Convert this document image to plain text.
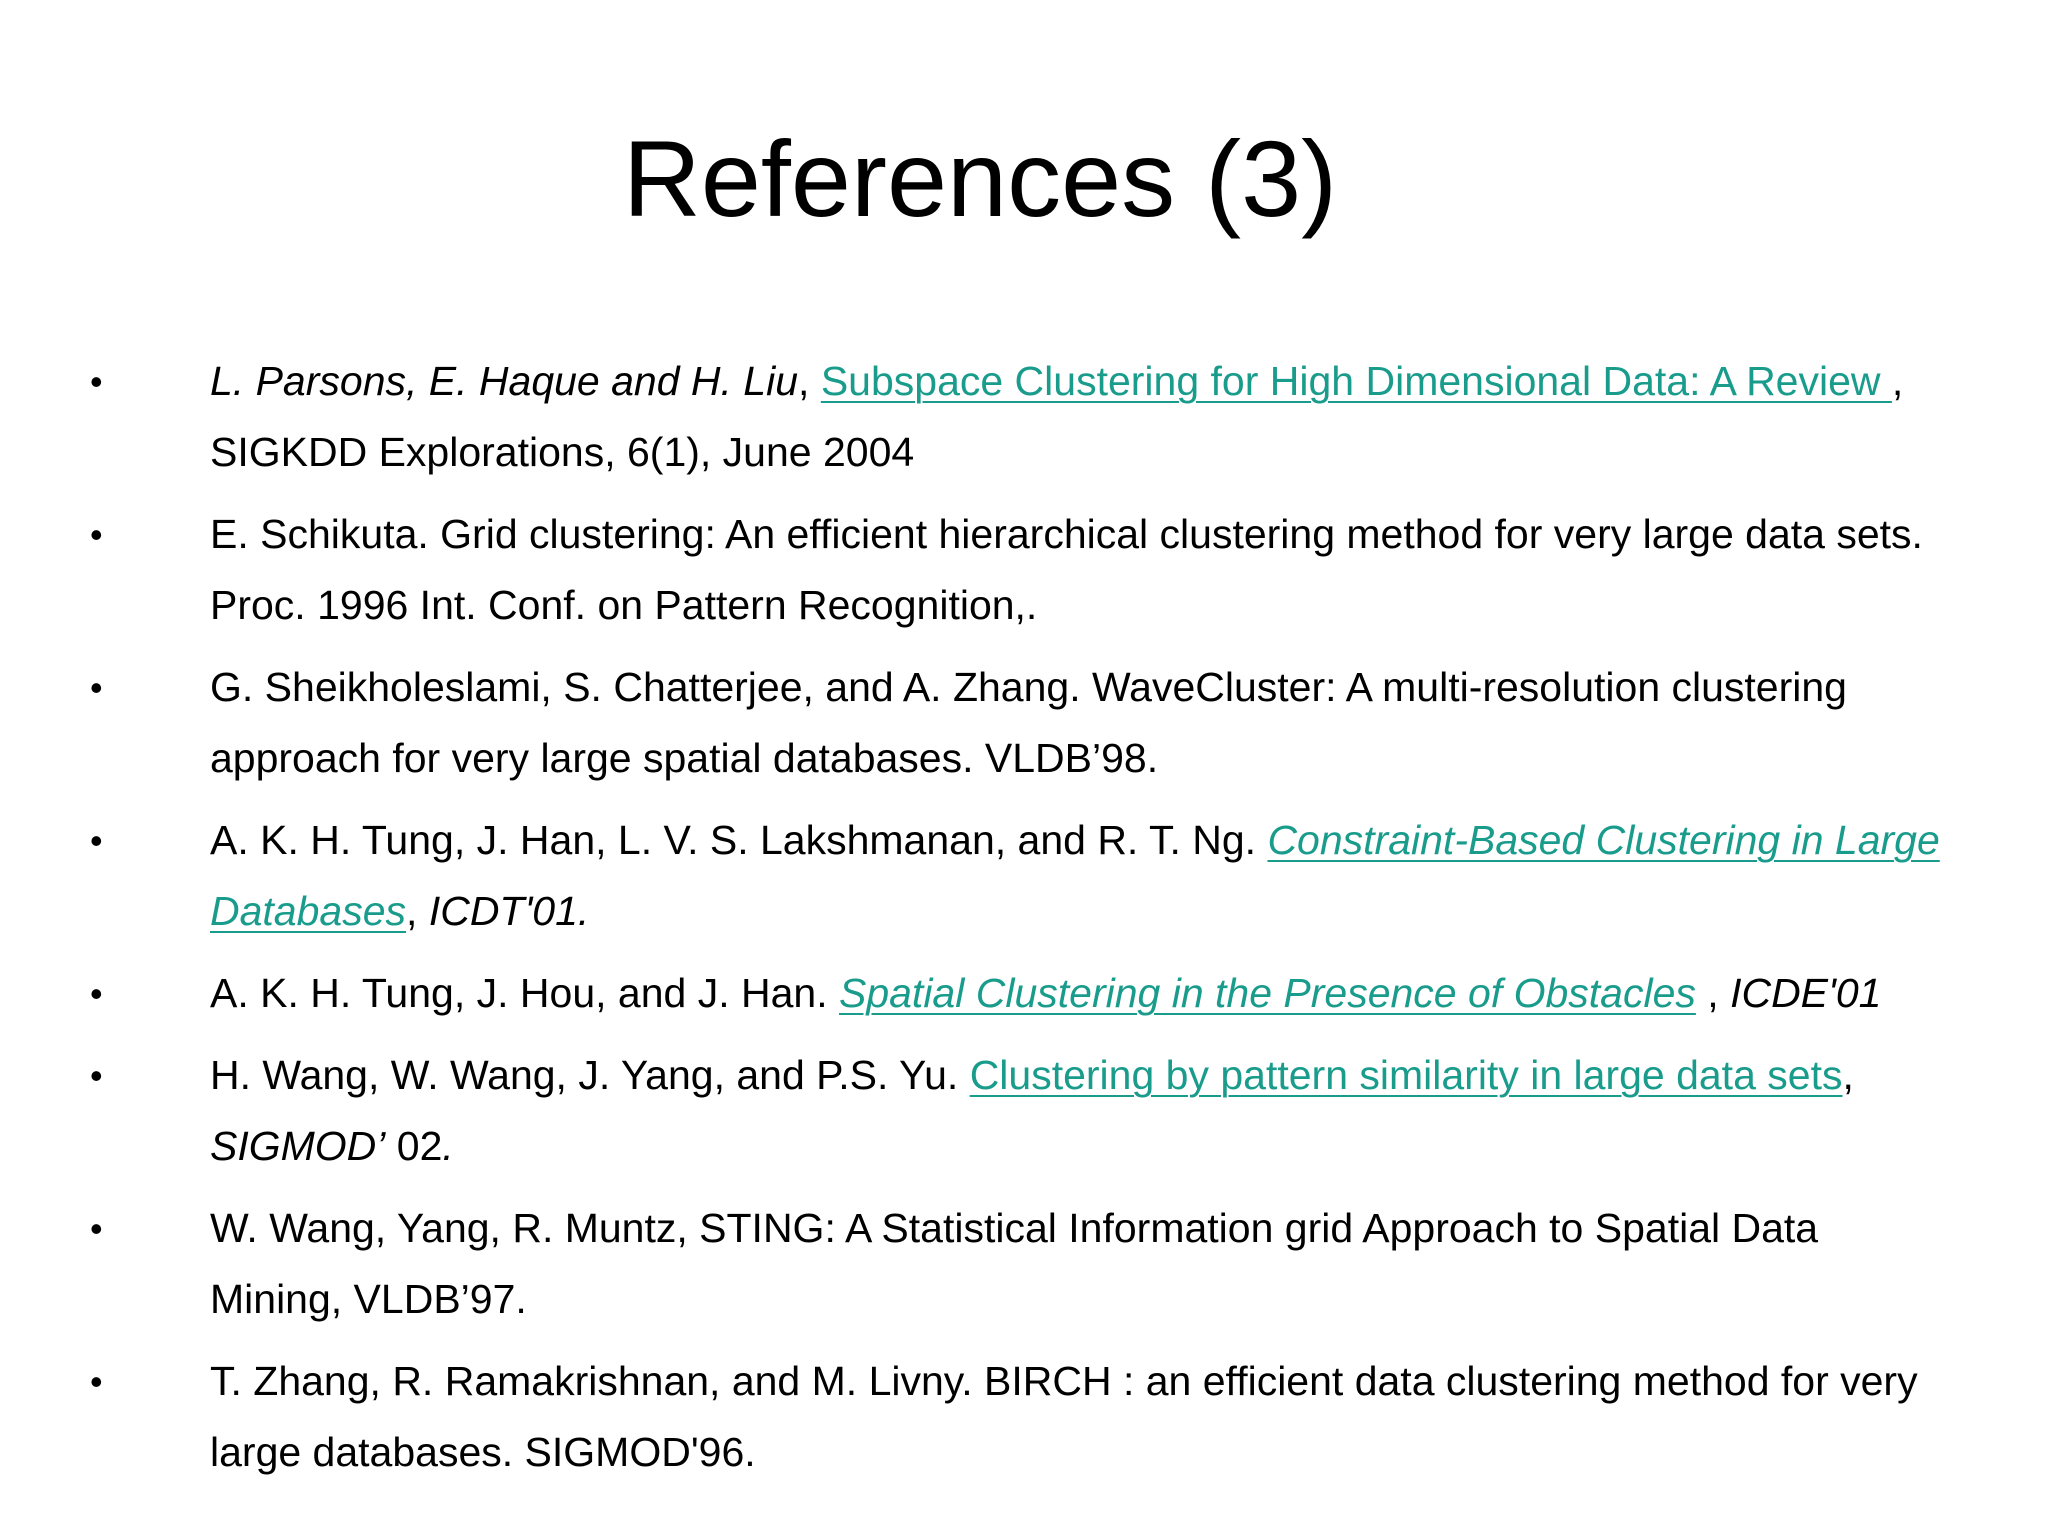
References (3)
•	L. Parsons, E. Haque and H. Liu, Subspace Clustering for High Dimensional Data: A Review , SIGKDD Explorations, 6(1), June 2004
•	E. Schikuta. Grid clustering: An efficient hierarchical clustering method for very large data sets. Proc. 1996 Int. Conf. on Pattern Recognition,.
•	G. Sheikholeslami, S. Chatterjee, and A. Zhang. WaveCluster: A multi-resolution clustering approach for very large spatial databases. VLDB’98.
•	A. K. H. Tung, J. Han, L. V. S. Lakshmanan, and R. T. Ng. Constraint-Based Clustering in Large Databases, ICDT'01.
•	A. K. H. Tung, J. Hou, and J. Han. Spatial Clustering in the Presence of Obstacles , ICDE'01
•	H. Wang, W. Wang, J. Yang, and P.S. Yu. Clustering by pattern similarity in large data sets, SIGMOD’ 02.
•	W. Wang, Yang, R. Muntz, STING: A Statistical Information grid Approach to Spatial Data Mining, VLDB’97.
•	T. Zhang, R. Ramakrishnan, and M. Livny. BIRCH : an efficient data clustering method for very large databases. SIGMOD'96.
